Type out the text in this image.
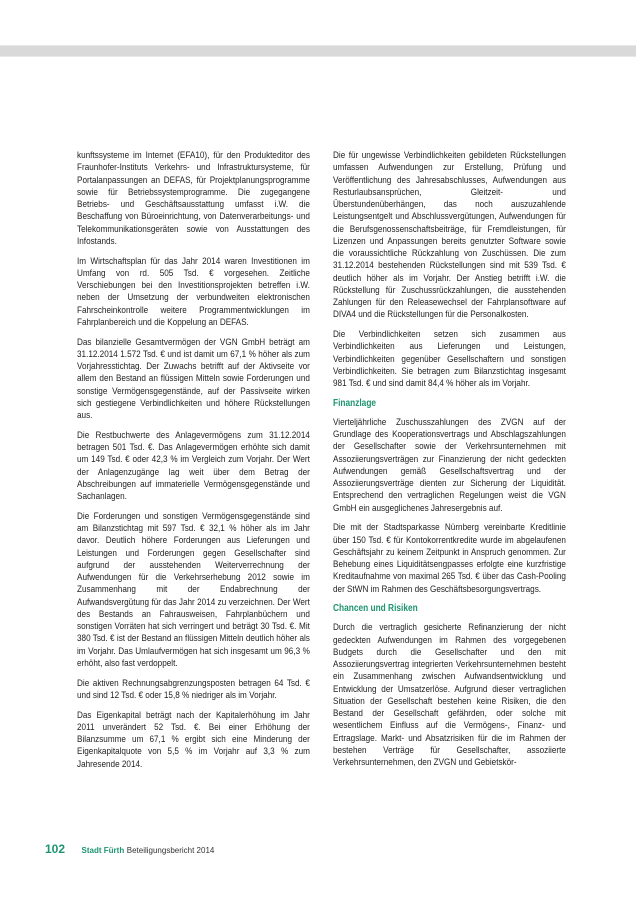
kunftssysteme im Internet (EFA10), für den Produkteditor des Fraunhofer-Instituts Verkehrs- und Infrastruktursysteme, für Portalanpassungen an DEFAS, für Projektplanungsprogramme sowie für Betriebssystemprogramme. Die zugegangene Betriebs- und Geschäftsausstattung umfasst i.W. die Beschaffung von Büroeinrichtung, von Datenverarbeitungs- und Telekommunikationsgeräten sowie von Ausstattungen des Infostands.

Im Wirtschaftsplan für das Jahr 2014 waren Investitionen im Umfang von rd. 505 Tsd. € vorgesehen. Zeitliche Verschiebungen bei den Investitionsprojekten betreffen i.W. neben der Umsetzung der verbundweiten elektronischen Fahrscheinkontrolle weitere Programmentwicklungen im Fahrplanbereich und die Koppelung an DEFAS.

Das bilanzielle Gesamtvermögen der VGN GmbH beträgt am 31.12.2014 1.572 Tsd. € und ist damit um 67,1 % höher als zum Vorjahresstichtag. Der Zuwachs betrifft auf der Aktivseite vor allem den Bestand an flüssigen Mitteln sowie Forderungen und sonstige Vermögensgegenstände, auf der Passivseite wirken sich gestiegene Verbindlichkeiten und höhere Rückstellungen aus.

Die Restbuchwerte des Anlagevermögens zum 31.12.2014 betragen 501 Tsd. €. Das Anlagevermögen erhöhte sich damit um 149 Tsd. € oder 42,3 % im Vergleich zum Vorjahr. Der Wert der Anlagenzugänge lag weit über dem Betrag der Abschreibungen auf immaterielle Vermögensgegenstände und Sachanlagen.

Die Forderungen und sonstigen Vermögensgegenstände sind am Bilanzstichtag mit 597 Tsd. € 32,1 % höher als im Jahr davor. Deutlich höhere Forderungen aus Lieferungen und Leistungen und Forderungen gegen Gesellschafter sind aufgrund der ausstehenden Weiterverrechnung der Aufwendungen für die Verkehrserhebung 2012 sowie im Zusammenhang mit der Endabrechnung der Aufwandsvergütung für das Jahr 2014 zu verzeichnen. Der Wert des Bestands an Fahrausweisen, Fahrplanbüchern und sonstigen Vorräten hat sich verringert und beträgt 30 Tsd. €. Mit 380 Tsd. € ist der Bestand an flüssigen Mitteln deutlich höher als im Vorjahr. Das Umlaufvermögen hat sich insgesamt um 96,3 % erhöht, also fast verdoppelt.

Die aktiven Rechnungsabgrenzungsposten betragen 64 Tsd. € und sind 12 Tsd. € oder 15,8 % niedriger als im Vorjahr.

Das Eigenkapital beträgt nach der Kapitalerhöhung im Jahr 2011 unverändert 52 Tsd. €. Bei einer Erhöhung der Bilanzsumme um 67,1 % ergibt sich eine Minderung der Eigenkapitalquote von 5,5 % im Vorjahr auf 3,3 % zum Jahresende 2014.

Die für ungewisse Verbindlichkeiten gebildeten Rückstellungen umfassen Aufwendungen zur Erstellung, Prüfung und Veröffentlichung des Jahresabschlusses, Aufwendungen aus Resturlaubsansprüchen, Gleitzeit- und Überstundenüberhängen, das noch auszuzahlende Leistungsentgelt und Abschlussvergütungen, Aufwendungen für die Berufsgenossenschaftsbeiträge, für Fremdleistungen, für Lizenzen und Anpassungen bereits genutzter Software sowie die voraussichtliche Rückzahlung von Zuschüssen. Die zum 31.12.2014 bestehenden Rückstellungen sind mit 539 Tsd. € deutlich höher als im Vorjahr. Der Anstieg betrifft i.W. die Rückstellung für Zuschussrückzahlungen, die ausstehenden Zahlungen für den Releasewechsel der Fahrplansoftware auf DIVA4 und die Rückstellungen für die Personalkosten.

Die Verbindlichkeiten setzen sich zusammen aus Verbindlichkeiten aus Lieferungen und Leistungen, Verbindlichkeiten gegenüber Gesellschaftern und sonstigen Verbindlichkeiten. Sie betragen zum Bilanzstichtag insgesamt 981 Tsd. € und sind damit 84,4 % höher als im Vorjahr.

Finanzlage

Vierteljährliche Zuschusszahlungen des ZVGN auf der Grundlage des Kooperationsvertrags und Abschlagszahlungen der Gesellschafter sowie der Verkehrsunternehmen mit Assoziierungsverträgen zur Finanzierung der nicht gedeckten Aufwendungen gemäß Gesellschaftsvertrag und der Assoziierungsverträge dienten zur Sicherung der Liquidität. Entsprechend den vertraglichen Regelungen weist die VGN GmbH ein ausgeglichenes Jahresergebnis auf.

Die mit der Stadtsparkasse Nürnberg vereinbarte Kreditlinie über 150 Tsd. € für Kontokorrentkredite wurde im abgelaufenen Geschäftsjahr zu keinem Zeitpunkt in Anspruch genommen. Zur Behebung eines Liquiditätsengpasses erfolgte eine kurzfristige Kreditaufnahme von maximal 265 Tsd. € über das Cash-Pooling der StWN im Rahmen des Geschäftsbesorgungsvertrags.

Chancen und Risiken

Durch die vertraglich gesicherte Refinanzierung der nicht gedeckten Aufwendungen im Rahmen des vorgegebenen Budgets durch die Gesellschafter und den mit Assoziierungsvertrag integrierten Verkehrsunternehmen besteht ein Zusammenhang zwischen Aufwandsentwicklung und Entwicklung der Umsatzerlöse. Aufgrund dieser vertraglichen Situation der Gesellschaft bestehen keine Risiken, die den Bestand der Gesellschaft gefährden, oder solche mit wesentlichem Einfluss auf die Vermögens-, Finanz- und Ertragslage. Markt- und Absatzrisiken für die im Rahmen der bestehen Verträge für Gesellschafter, assoziierte Verkehrsunternehmen, den ZVGN und Gebietskör-

102 Stadt Fürth Beteiligungsbericht 2014
